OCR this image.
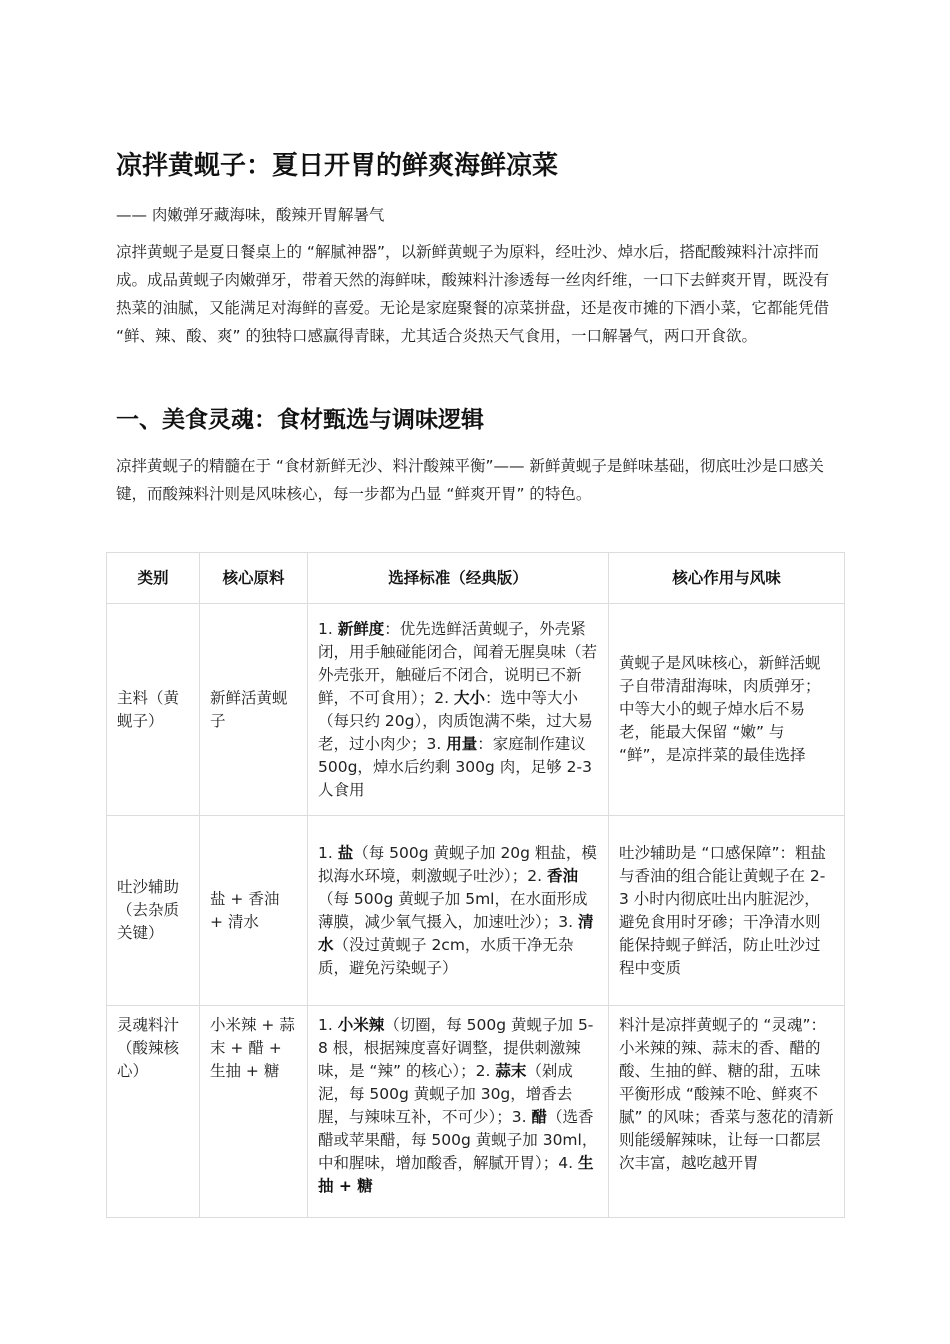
凉拌黄蚬子：夏日开胃的鲜爽海鲜凉菜

—— 肉嫩弹牙藏海味，酸辣开胃解暑气

凉拌黄蚬子是夏日餐桌上的 “解腻神器”，以新鲜黄蚬子为原料，经吐沙、焯水后，搭配酸辣料汁凉拌而成。成品黄蚬子肉嫩弹牙，带着天然的海鲜味，酸辣料汁渗透每一丝肉纤维，一口下去鲜爽开胃，既没有热菜的油腻，又能满足对海鲜的喜爱。无论是家庭聚餐的凉菜拼盘，还是夜市摊的下酒小菜，它都能凭借 “鲜、辣、酸、爽” 的独特口感赢得青睐，尤其适合炎热天气食用，一口解暑气，两口开食欲。

一、美食灵魂：食材甄选与调味逻辑

凉拌黄蚬子的精髓在于 “食材新鲜无沙、料汁酸辣平衡”—— 新鲜黄蚬子是鲜味基础，彻底吐沙是口感关键，而酸辣料汁则是风味核心，每一步都为凸显 “鲜爽开胃” 的特色。

类别	核心原料	选择标准（经典版）	核心作用与风味
主料（黄蚬子）	新鲜活黄蚬子	1. 新鲜度：优先选鲜活黄蚬子，外壳紧闭，用手触碰能闭合，闻着无腥臭味（若外壳张开，触碰后不闭合，说明已不新鲜，不可食用）；2. 大小：选中等大小（每只约 20g），肉质饱满不柴，过大易老，过小肉少；3. 用量：家庭制作建议 500g，焯水后约剩 300g 肉，足够 2-3 人食用	黄蚬子是风味核心，新鲜活蚬子自带清甜海味，肉质弹牙；中等大小的蚬子焯水后不易老，能最大保留 “嫩” 与 “鲜”，是凉拌菜的最佳选择
吐沙辅助（去杂质关键）	盐 + 香油 + 清水	1. 盐（每 500g 黄蚬子加 20g 粗盐，模拟海水环境，刺激蚬子吐沙）；2. 香油（每 500g 黄蚬子加 5ml，在水面形成薄膜，减少氧气摄入，加速吐沙）；3. 清水（没过黄蚬子 2cm，水质干净无杂质，避免污染蚬子）	吐沙辅助是 “口感保障”：粗盐与香油的组合能让黄蚬子在 2-3 小时内彻底吐出内脏泥沙，避免食用时牙碜；干净清水则能保持蚬子鲜活，防止吐沙过程中变质
灵魂料汁（酸辣核心）	小米辣 + 蒜末 + 醋 + 生抽 + 糖	1. 小米辣（切圈，每 500g 黄蚬子加 5-8 根，根据辣度喜好调整，提供刺激辣味，是 “辣” 的核心）；2. 蒜末（剁成泥，每 500g 黄蚬子加 30g，增香去腥，与辣味互补，不可少）；3. 醋（选香醋或苹果醋，每 500g 黄蚬子加 30ml，中和腥味，增加酸香，解腻开胃）；4. 生抽 + 糖	料汁是凉拌黄蚬子的 “灵魂”：小米辣的辣、蒜末的香、醋的酸、生抽的鲜、糖的甜，五味平衡形成 “酸辣不呛、鲜爽不腻” 的风味；香菜与葱花的清新则能缓解辣味，让每一口都层次丰富，越吃越开胃
